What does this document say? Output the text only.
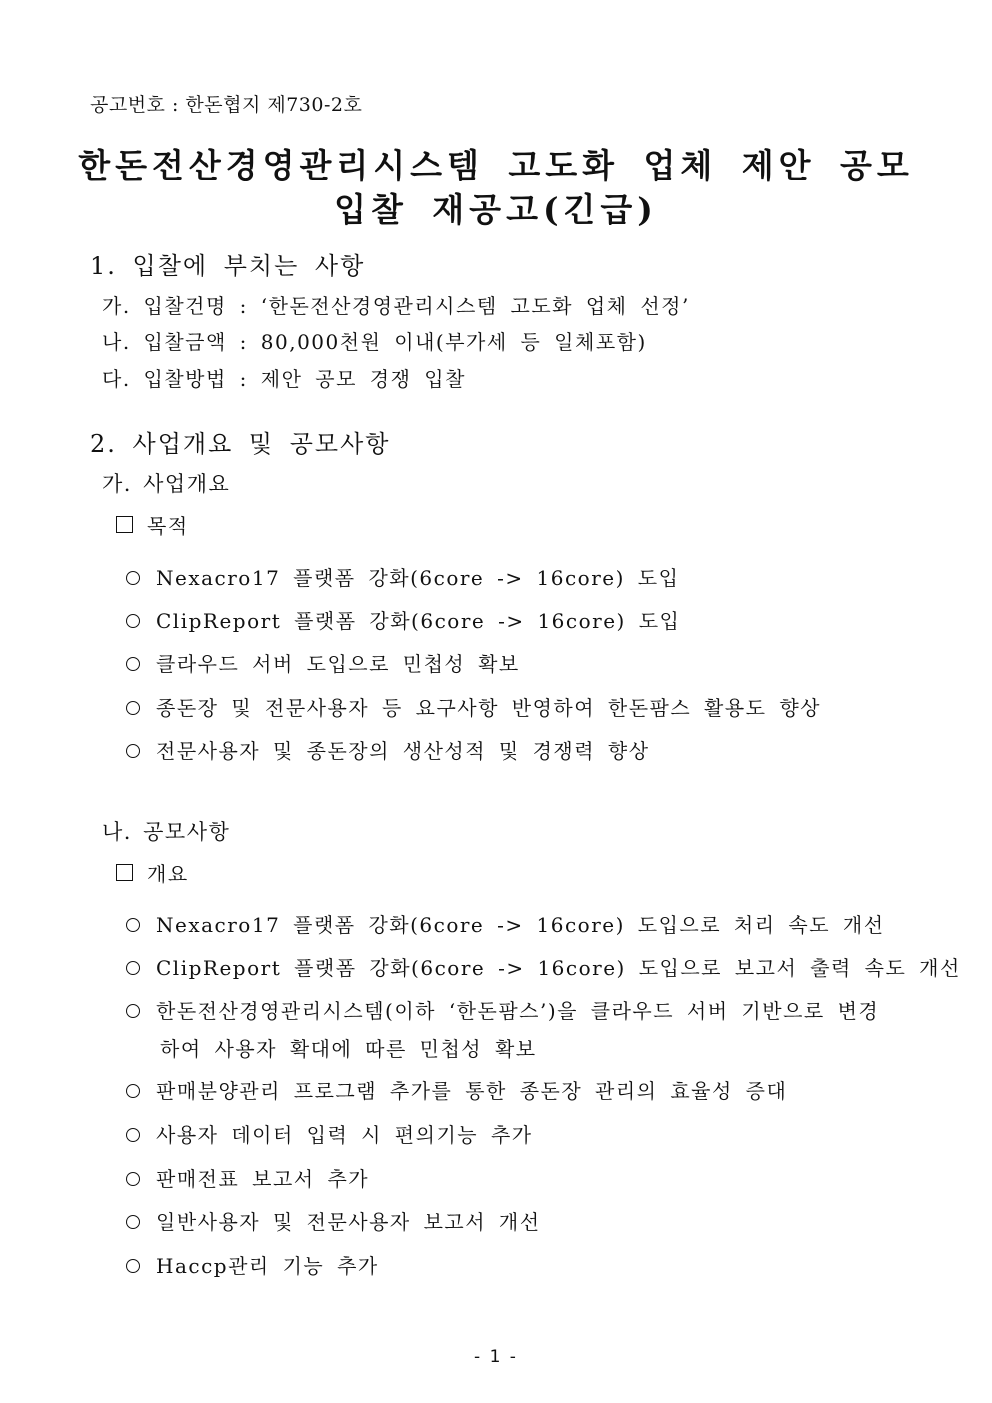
공고번호 : 한돈협지 제730-2호
한돈전산경영관리시스템 고도화 업체 제안 공모
입찰 재공고(긴급)
1. 입찰에 부치는 사항
가. 입찰건명 : ‘한돈전산경영관리시스템 고도화 업체 선정’
나. 입찰금액 : 80,000천원 이내(부가세 등 일체포함)
다. 입찰방법 : 제안 공모 경쟁 입찰
2. 사업개요 및 공모사항
가. 사업개요
목적
Nexacro17 플랫폼 강화(6core -> 16core) 도입
ClipReport 플랫폼 강화(6core -> 16core) 도입
클라우드 서버 도입으로 민첩성 확보
종돈장 및 전문사용자 등 요구사항 반영하여 한돈팜스 활용도 향상
전문사용자 및 종돈장의 생산성적 및 경쟁력 향상
나. 공모사항
개요
Nexacro17 플랫폼 강화(6core -> 16core) 도입으로 처리 속도 개선
ClipReport 플랫폼 강화(6core -> 16core) 도입으로 보고서 출력 속도 개선
한돈전산경영관리시스템(이하 ‘한돈팜스’)을 클라우드 서버 기반으로 변경
하여 사용자 확대에 따른 민첩성 확보
판매분양관리 프로그램 추가를 통한 종돈장 관리의 효율성 증대
사용자 데이터 입력 시 편의기능 추가
판매전표 보고서 추가
일반사용자 및 전문사용자 보고서 개선
Haccp관리 기능 추가
- 1 -
